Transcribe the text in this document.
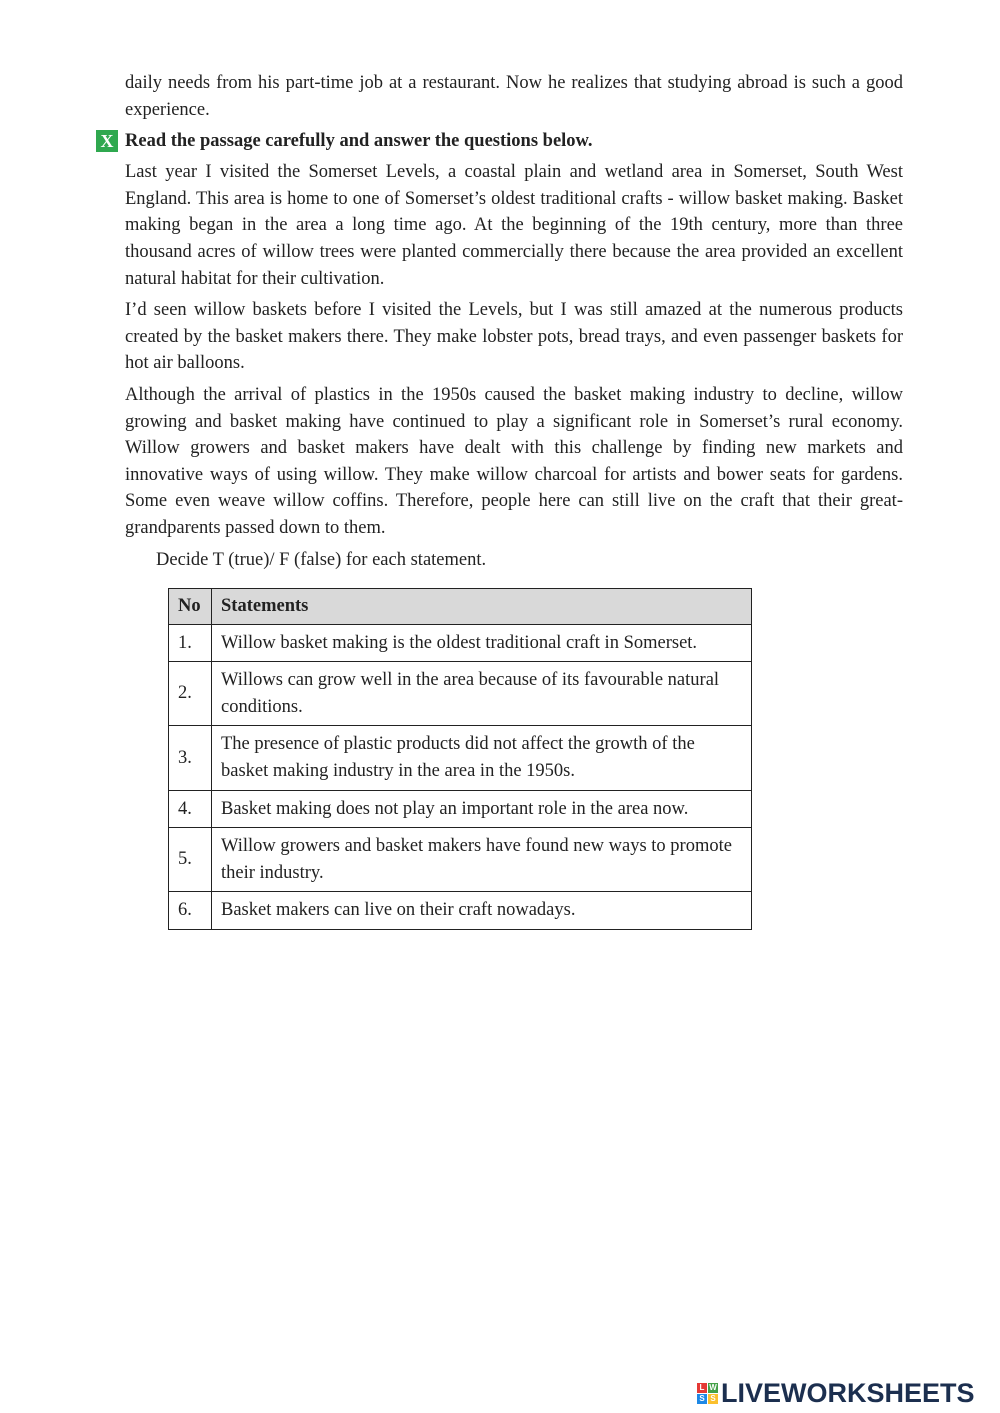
daily needs from his part-time job at a restaurant. Now he realizes that studying abroad is such a good experience.

X Read the passage carefully and answer the questions below.

Last year I visited the Somerset Levels, a coastal plain and wetland area in Somerset, South West England. This area is home to one of Somerset’s oldest traditional crafts - willow basket making. Basket making began in the area a long time ago. At the beginning of the 19th century, more than three thousand acres of willow trees were planted commercially there because the area provided an excellent natural habitat for their cultivation.

I’d seen willow baskets before I visited the Levels, but I was still amazed at the numerous products created by the basket makers there. They make lobster pots, bread trays, and even passenger baskets for hot air balloons.

Although the arrival of plastics in the 1950s caused the basket making industry to decline, willow growing and basket making have continued to play a significant role in Somerset’s rural economy. Willow growers and basket makers have dealt with this challenge by finding new markets and innovative ways of using willow. They make willow charcoal for artists and bower seats for gardens. Some even weave willow coffins. Therefore, people here can still live on the craft that their great-grandparents passed down to them.

Decide T (true)/ F (false) for each statement.
No	Statements
1.	Willow basket making is the oldest traditional craft in Somerset.
2.	Willows can grow well in the area because of its favourable natural conditions.
3.	The presence of plastic products did not affect the growth of the basket making industry in the area in the 1950s.
4.	Basket making does not play an important role in the area now.
5.	Willow growers and basket makers have found new ways to promote their industry.
6.	Basket makers can live on their craft nowadays.
L W
S S LIVEWORKSHEETS
